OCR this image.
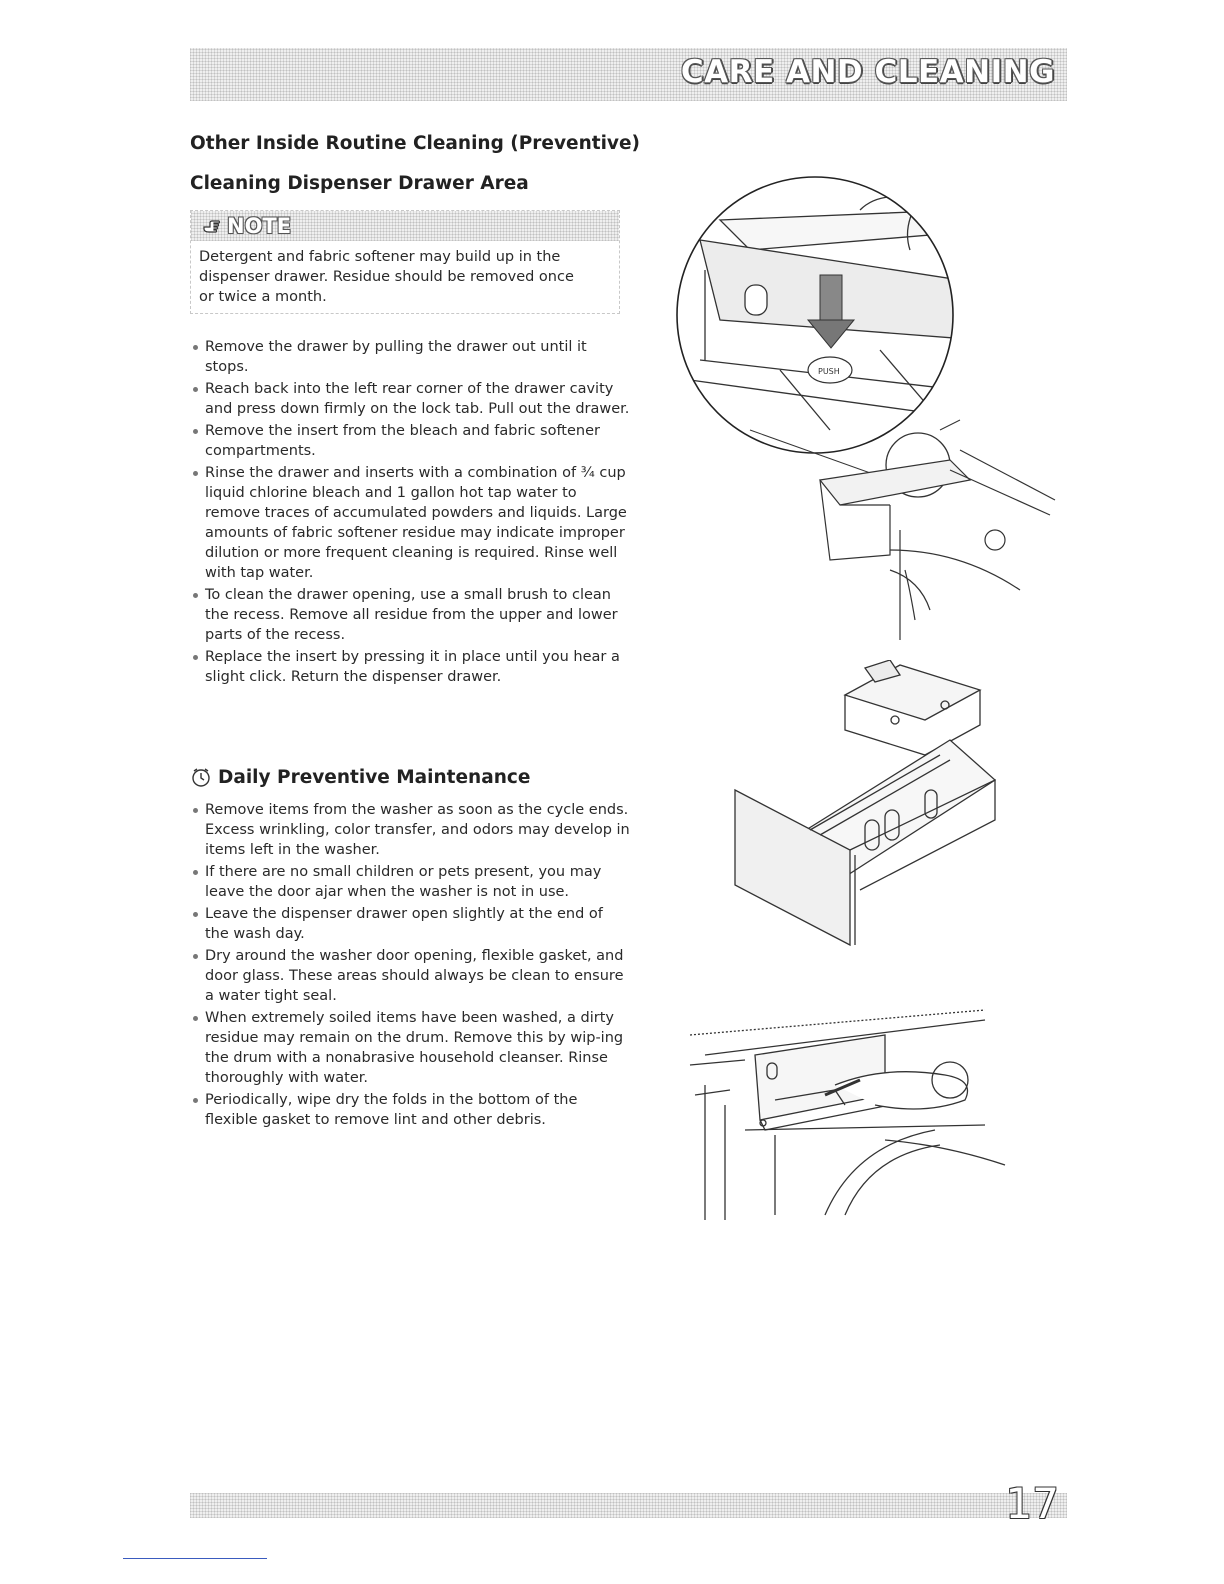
CARE AND CLEANING
Other Inside Routine Cleaning (Preventive)
Cleaning Dispenser Drawer Area
NOTE
Detergent and fabric softener may build up in the dispenser drawer. Residue should be removed once or twice a month.
Remove the drawer by pulling the drawer out until it stops.
Reach back into the left rear corner of the drawer cavity and press down firmly on the lock tab. Pull out the drawer.
Remove the insert from the bleach and fabric softener compartments.
Rinse the drawer and inserts with a combination of ¾ cup liquid chlorine bleach and 1 gallon hot tap water to remove traces of accumulated powders and liquids. Large amounts of fabric softener residue may indicate improper dilution or more frequent cleaning is required. Rinse well with tap water.
To clean the drawer opening, use a small brush to clean the recess. Remove all residue from the upper and lower parts of the recess.
Replace the insert by pressing it in place until you hear a slight click. Return the dispenser drawer.
Daily Preventive Maintenance
Remove items from the washer as soon as the cycle ends. Excess wrinkling, color transfer, and odors may develop in items left in the washer.
If there are no small children or pets present, you may leave the door ajar when the washer is not in use.
Leave the dispenser drawer open slightly at the end of the wash day.
Dry around the washer door opening, flexible gasket, and door glass. These areas should always be clean to ensure a water tight seal.
When extremely soiled items have been washed, a dirty residue may remain on the drum. Remove this by wip-ing the drum with a nonabrasive household cleanser. Rinse thoroughly with water.
Periodically, wipe dry the folds in the bottom of the flexible gasket to remove lint and other debris.
PUSH
17
